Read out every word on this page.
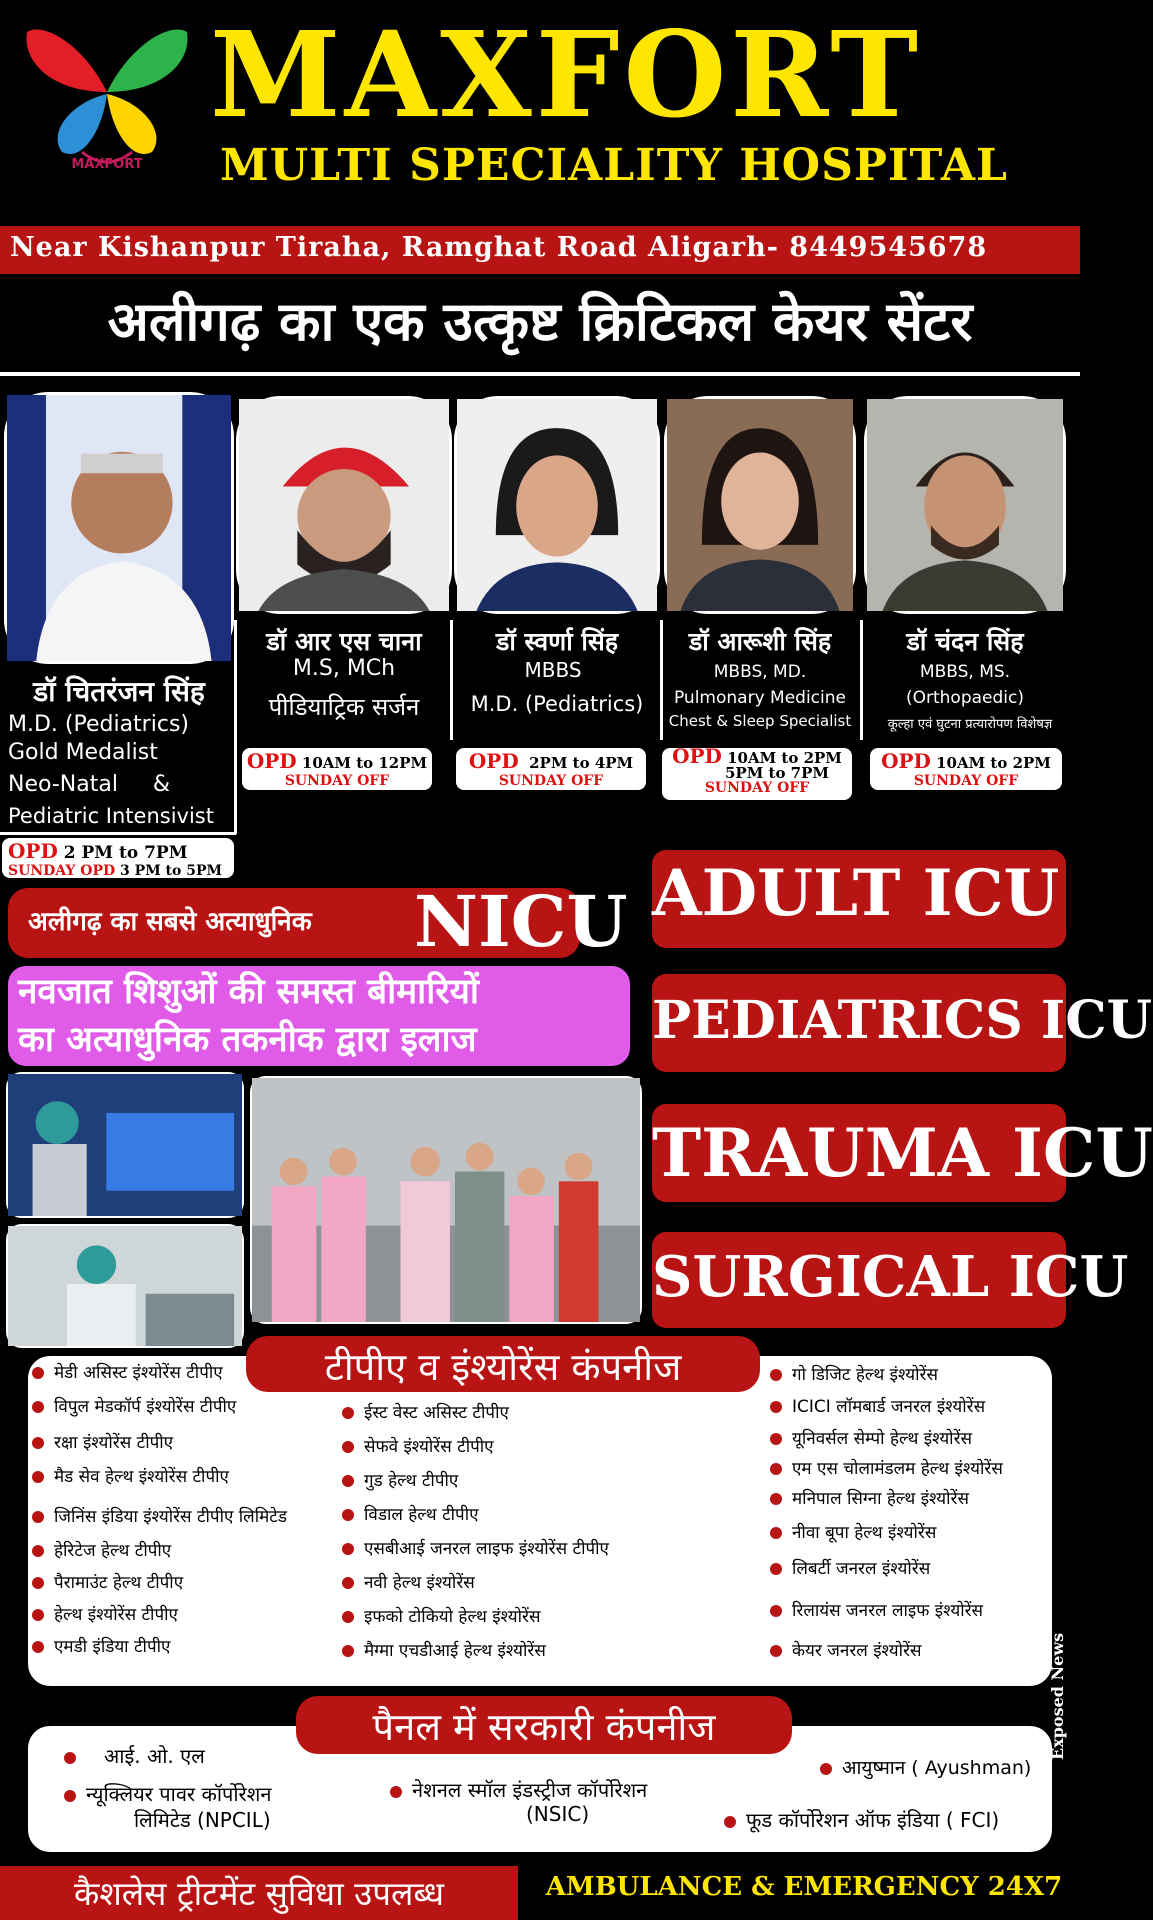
MAXFORT
MAXFORT
MULTI SPECIALITY HOSPITAL
Near Kishanpur Tiraha, Ramghat Road Aligarh- 8449545678
अलीगढ़ का एक उत्कृष्ट क्रिटिकल केयर सेंटर
डॉ चितरंजन सिंह
M.D. (Pediatrics)
Gold Medalist
Neo-Natal     &
Pediatric Intensivist
OPD 2 PM to 7PM
SUNDAY OPD 3 PM to 5PM
डॉ आर एस चाना
M.S, MCh
पीडियाट्रिक सर्जन
OPD 10AM to 12PM
SUNDAY OFF
डॉ स्वर्णा सिंह
MBBS
M.D. (Pediatrics)
OPD  2PM to 4PM
SUNDAY OFF
डॉ आरूशी सिंह
MBBS, MD.
Pulmonary Medicine
Chest & Sleep Specialist
OPD 10AM to 2PM
5PM to 7PM
SUNDAY OFF
डॉ चंदन सिंह
MBBS, MS.
(Orthopaedic)
कूल्हा एवं घुटना प्रत्यारोपण विशेषज्ञ
OPD 10AM to 2PM
SUNDAY OFF
अलीगढ़ का सबसे अत्याधुनिक NICU
नवजात शिशुओं की समस्त बीमारियों
का अत्याधुनिक तकनीक द्वारा इलाज
ADULT ICU
PEDIATRICS ICU
TRAUMA ICU
SURGICAL ICU
टीपीए व इंश्योरेंस कंपनीज
मेडी असिस्ट इंश्योरेंस टीपीए
विपुल मेडकॉर्प इंश्योरेंस टीपीए
रक्षा इंश्योरेंस टीपीए
मैड सेव हेल्थ इंश्योरेंस टीपीए
जिनिंस इंडिया इंश्योरेंस टीपीए लिमिटेड
हेरिटेज हेल्थ टीपीए
पैरामाउंट हेल्थ टीपीए
हेल्थ इंश्योरेंस टीपीए
एमडी इंडिया टीपीए
ईस्ट वेस्ट असिस्ट टीपीए
सेफवे इंश्योरेंस टीपीए
गुड हेल्थ टीपीए
विडाल हेल्थ टीपीए
एसबीआई जनरल लाइफ इंश्योरेंस टीपीए
नवी हेल्थ इंश्योरेंस
इफको टोकियो हेल्थ इंश्योरेंस
मैग्मा एचडीआई हेल्थ इंश्योरेंस
गो डिजिट हेल्थ इंश्योरेंस
ICICI लॉमबार्ड जनरल इंश्योरेंस
यूनिवर्सल सेम्पो हेल्थ इंश्योरेंस
एम एस चोलामंडलम हेल्थ इंश्योरेंस
मनिपाल सिग्ना हेल्थ इंश्योरेंस
नीवा बूपा हेल्थ इंश्योरेंस
लिबर्टी जनरल इंश्योरेंस
रिलायंस जनरल लाइफ इंश्योरेंस
केयर जनरल इंश्योरेंस
पैनल में सरकारी कंपनीज
आई. ओ. एल
न्यूक्लियर पावर कॉर्पोरेशन
लिमिटेड (NPCIL)
नेशनल स्मॉल इंडस्ट्रीज कॉर्पोरेशन
(NSIC)
आयुष्मान ( Ayushman)
फूड कॉर्पोरेशन ऑफ इंडिया ( FCI)
Exposed News
कैशलेस ट्रीटमेंट सुविधा उपलब्ध	AMBULANCE & EMERGENCY 24X7
